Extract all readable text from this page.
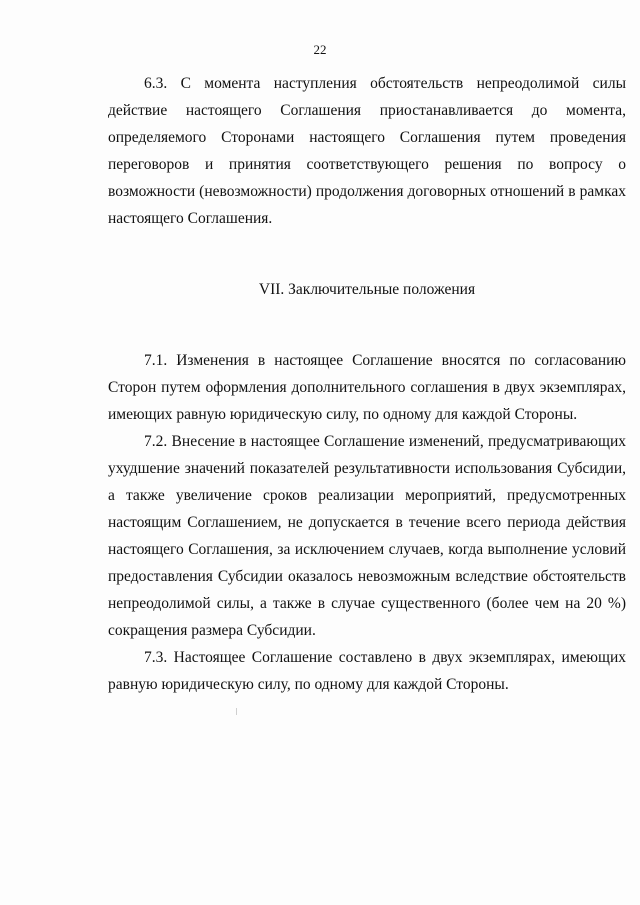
22

6.3. С момента наступления обстоятельств непреодолимой силы действие настоящего Соглашения приостанавливается до момента, определяемого Сторонами настоящего Соглашения путем проведения переговоров и принятия соответствующего решения по вопросу о возможности (невозможности) продолжения договорных отношений в рамках настоящего Соглашения.

VII. Заключительные положения

7.1. Изменения в настоящее Соглашение вносятся по согласованию Сторон путем оформления дополнительного соглашения в двух экземплярах, имеющих равную юридическую силу, по одному для каждой Стороны.

7.2. Внесение в настоящее Соглашение изменений, предусматривающих ухудшение значений показателей результативности использования Субсидии, а также увеличение сроков реализации мероприятий, предусмотренных настоящим Соглашением, не допускается в течение всего периода действия настоящего Соглашения, за исключением случаев, когда выполнение условий предоставления Субсидии оказалось невозможным вследствие обстоятельств непреодолимой силы, а также в случае существенного (более чем на 20 %) сокращения размера Субсидии.

7.3. Настоящее Соглашение составлено в двух экземплярах, имеющих равную юридическую силу, по одному для каждой Стороны.
